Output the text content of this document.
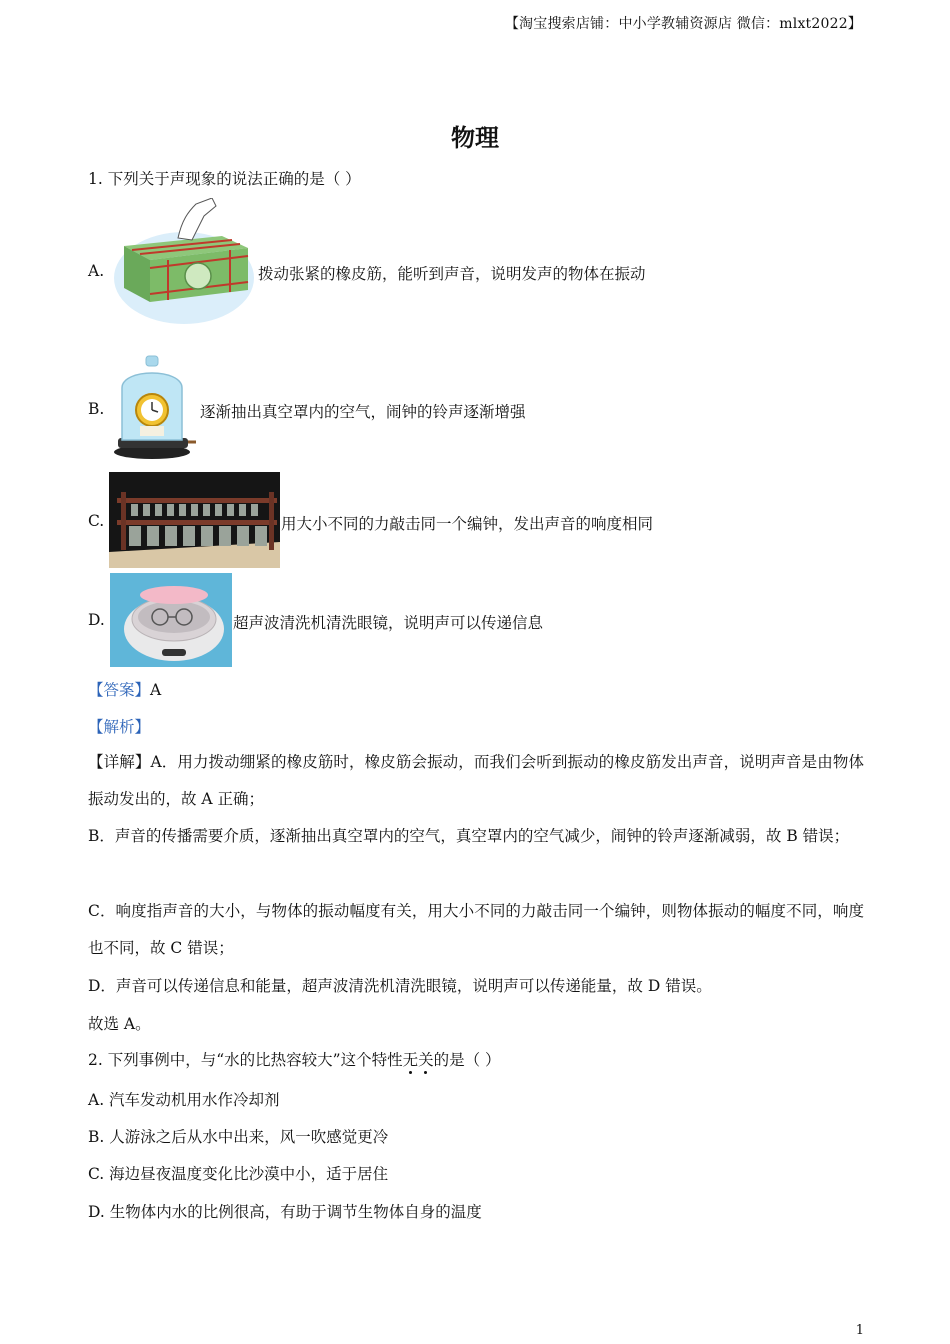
【淘宝搜索店铺：中小学教辅资源店 微信：mlxt2022】
物理
1. 下列关于声现象的说法正确的是（ ）
A.	拨动张紧的橡皮筋，能听到声音，说明发声的物体在振动
B.	逐渐抽出真空罩内的空气，闹钟的铃声逐渐增强
C.	用大小不同的力敲击同一个编钟，发出声音的响度相同
D.	超声波清洗机清洗眼镜，说明声可以传递信息
【答案】A
【解析】
【详解】A．用力拨动绷紧的橡皮筋时，橡皮筋会振动，而我们会听到振动的橡皮筋发出声音，说明声音是由物体振动发出的，故 A 正确；
B．声音的传播需要介质，逐渐抽出真空罩内的空气，真空罩内的空气减少，闹钟的铃声逐渐减弱，故 B 错误；
C．响度指声音的大小，与物体的振动幅度有关，用大小不同的力敲击同一个编钟，则物体振动的幅度不同，响度也不同，故 C 错误；
D．声音可以传递信息和能量，超声波清洗机清洗眼镜，说明声可以传递能量，故 D 错误。
故选 A。
2. 下列事例中，与“水的比热容较大”这个特性无关的是（ ）
A. 汽车发动机用水作冷却剂
B. 人游泳之后从水中出来，风一吹感觉更冷
C. 海边昼夜温度变化比沙漠中小，适于居住
D. 生物体内水的比例很高，有助于调节生物体自身的温度
1
